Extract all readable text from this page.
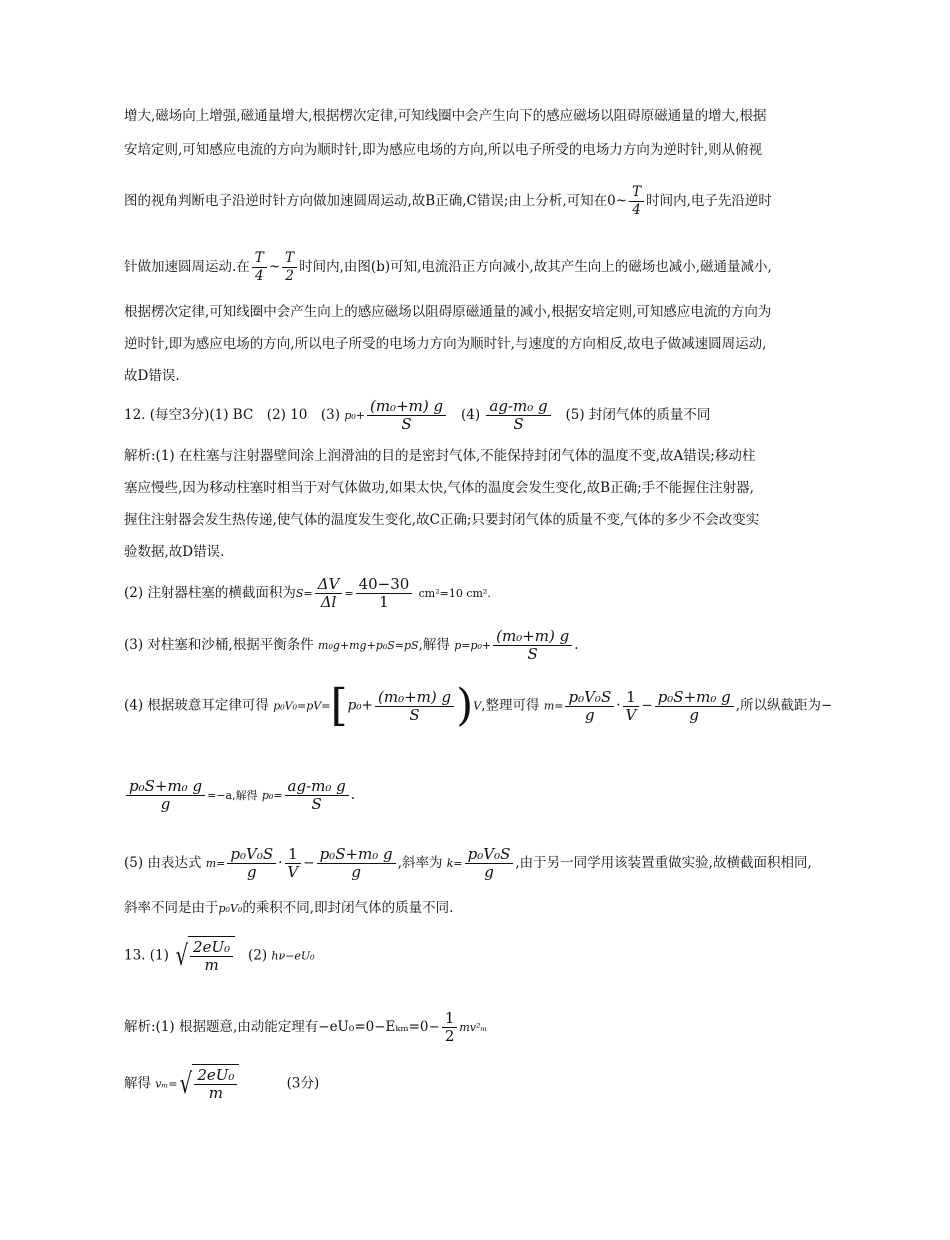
增大,磁场向上增强,磁通量增大,根据楞次定律,可知线圈中会产生向下的感应磁场以阻碍原磁通量的增大,根据
安培定则,可知感应电流的方向为顺时针,即为感应电场的方向,所以电子所受的电场力方向为逆时针,则从俯视
图的视角判断电子沿逆时针方向做加速圆周运动,故B正确,C错误;由上分析,可知在0~ $\frac{T}{4}$ 时间内,电子先沿逆时
针做加速圆周运动.在 $\frac{T}{4}$ ~ $\frac{T}{2}$ 时间内,由图(b)可知,电流沿正方向减小,故其产生向上的磁场也减小,磁通量减小,
根据楞次定律,可知线圈中会产生向上的感应磁场以阻碍原磁通量的减小,根据安培定则,可知感应电流的方向为
逆时针,即为感应电场的方向,所以电子所受的电场力方向为顺时针,与速度的方向相反,故电子做减速圆周运动,
故D错误.
12. (每空3分)(1) BC　(2) 10　(3) $p_0+ \frac{\text{(m₀+m) g}}{S} (4) \frac{\text{ag-m₀ g}}{S} (5)$ 封闭气体的质量不同
解析:(1) 在柱塞与注射器壁间涂上润滑油的目的是密封气体,不能保持封闭气体的温度不变,故A错误;移动柱
塞应慢些,因为移动柱塞时相当于对气体做功,如果太快,气体的温度会发生变化,故B正确;手不能握住注射器,
握住注射器会发生热传递,使气体的温度发生变化,故C正确;只要封闭气体的质量不变,气体的多少不会改变实
验数据,故D错误.
(2) 注射器柱塞的横截面积为$S= \frac{\Delta V}{\Delta l} = \frac{40-30}{1} cm^2=10$ cm².
(3) 对柱塞和沙桶,根据平衡条件 m₀g+mg+p₀S=pS,解得 $p=p_0+ \frac{\text{(m₀+m) g}}{S}$ .
(4) 根据玻意耳定律可得 $p_0V_0=pV=[p_0+ \frac{\text{(m₀+m) g}}{S} )V$,整理可得 $m= \frac{\text{p₀V₀S}}{g} \cdot \frac{1}{V} - \frac{\text{p₀S+m₀ g}}{g}$ ,所以纵截距为−
$\frac{\text{p₀S+m₀ g}}{g} =-a$,解得 $p_0= \frac{\text{ag-m₀ g}}{S}$ .
(5) 由表达式 $m= \frac{\text{p₀V₀S}}{g} \cdot \frac{1}{V} - \frac{\text{p₀S+m₀ g}}{g}$ ,斜率为 $k= \frac{\text{p₀V₀S}}{g}$ ,由于另一同学用该装置重做实验,故横截面积相同,
斜率不同是由于p₀V₀的乘积不同,即封闭气体的质量不同.
13. (1) √ $\frac{\text{2eU₀}}{m} (2)$ hν−eU₀
解析:(1) 根据题意,由动能定理有$-eU_0=0-E_{km}=0- \frac{1}{2} mv^2_m$
解得 vₘ= √ $\frac{\text{2eU₀}}{m}$	(3分)
